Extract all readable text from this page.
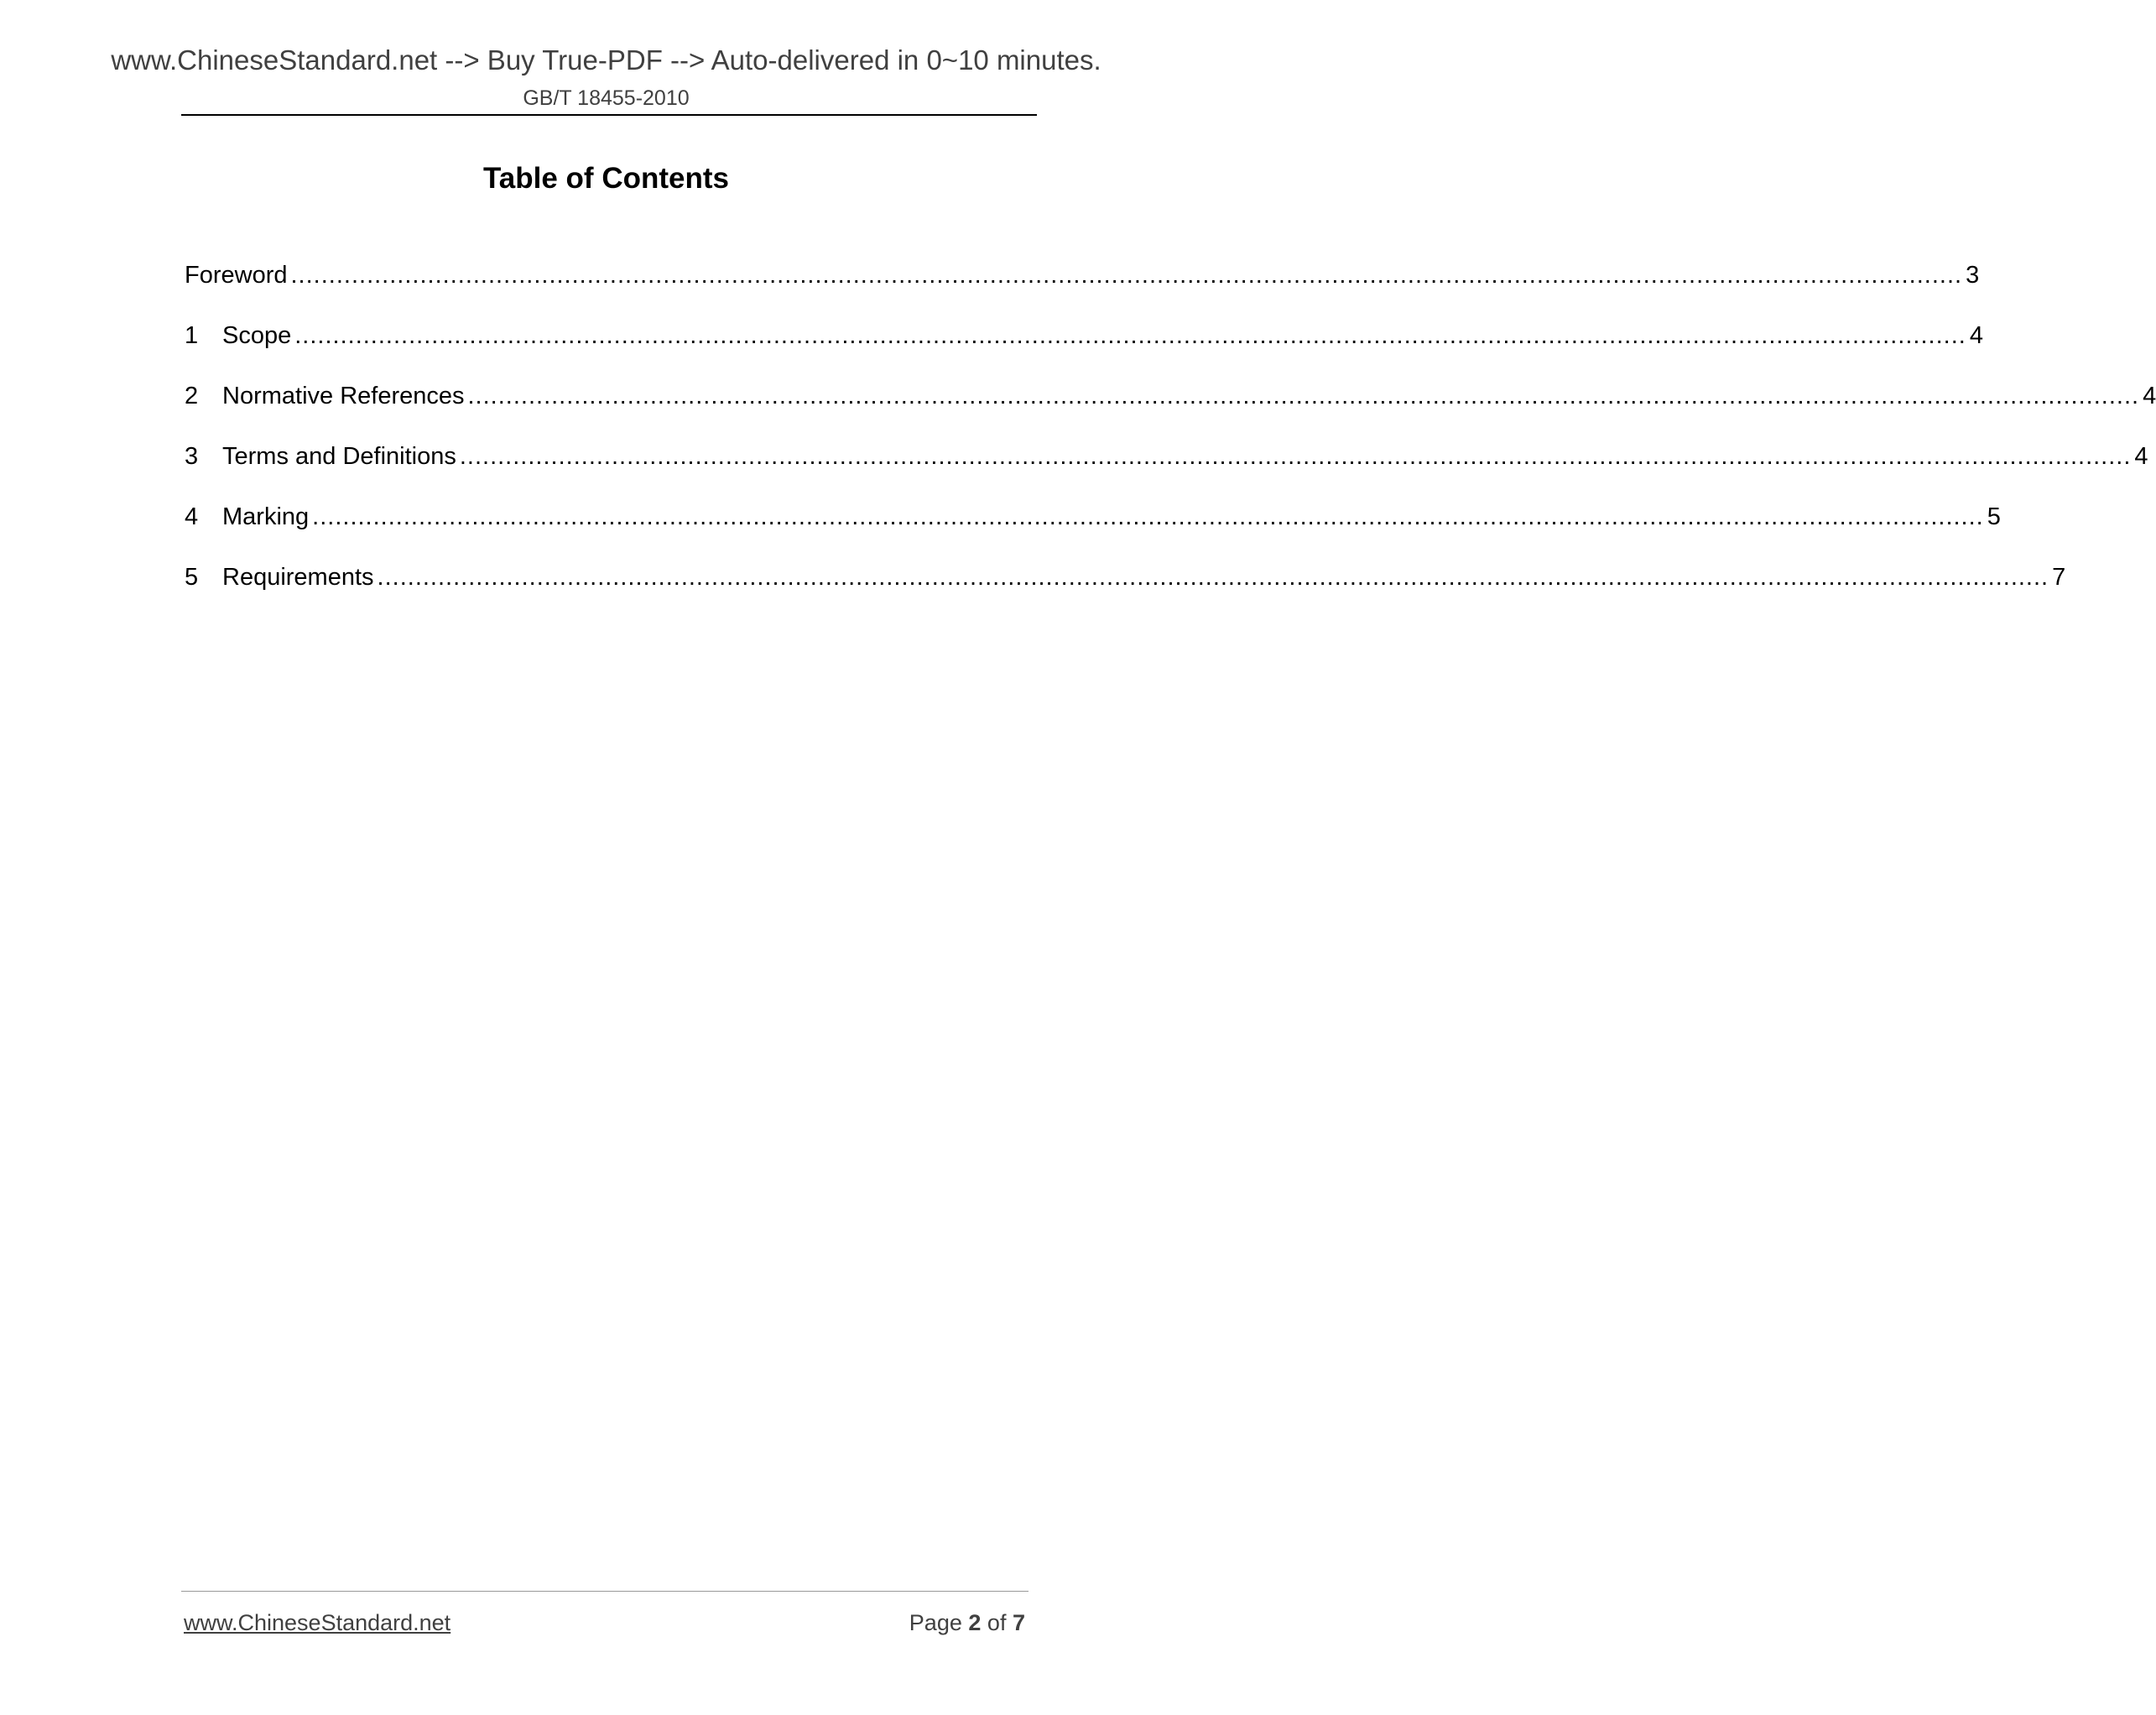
www.ChineseStandard.net --> Buy True-PDF --> Auto-delivered in 0~10 minutes.
GB/T 18455-2010
Table of Contents
Foreword ............................................................................................................................................................................................................................ 3
1 Scope ............................................................................................................................................................................................................................ 4
2 Normative References ............................................................................................................................................................................................................................ 4
3 Terms and Definitions ............................................................................................................................................................................................................................ 4
4 Marking ............................................................................................................................................................................................................................ 5
5 Requirements ............................................................................................................................................................................................................................ 7
www.ChineseStandard.net	Page 2 of 7
